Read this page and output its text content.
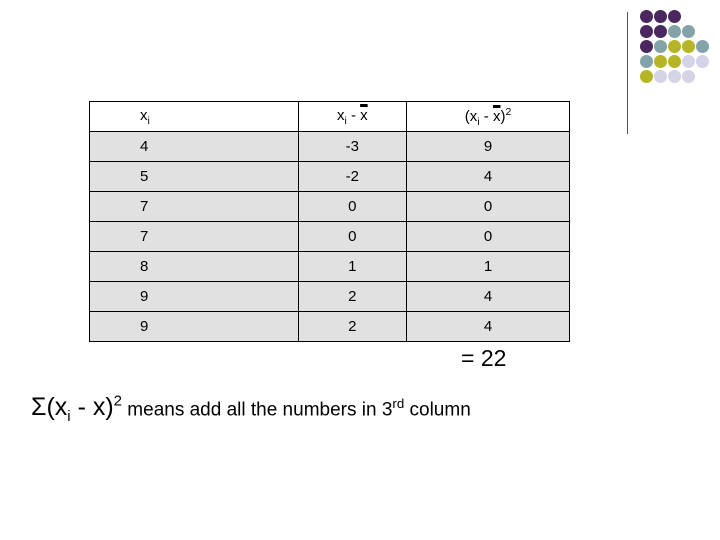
$x_i$	$x_i - \overline{x}$	$(x_i - \overline{x})^2$
4	-3	9
5	-2	4
7	0	0
7	0	0
8	1	1
9	2	4
9	2	4
= 22
$\Sigma(x_i - x)^2$ means add all the numbers in 3rd column
